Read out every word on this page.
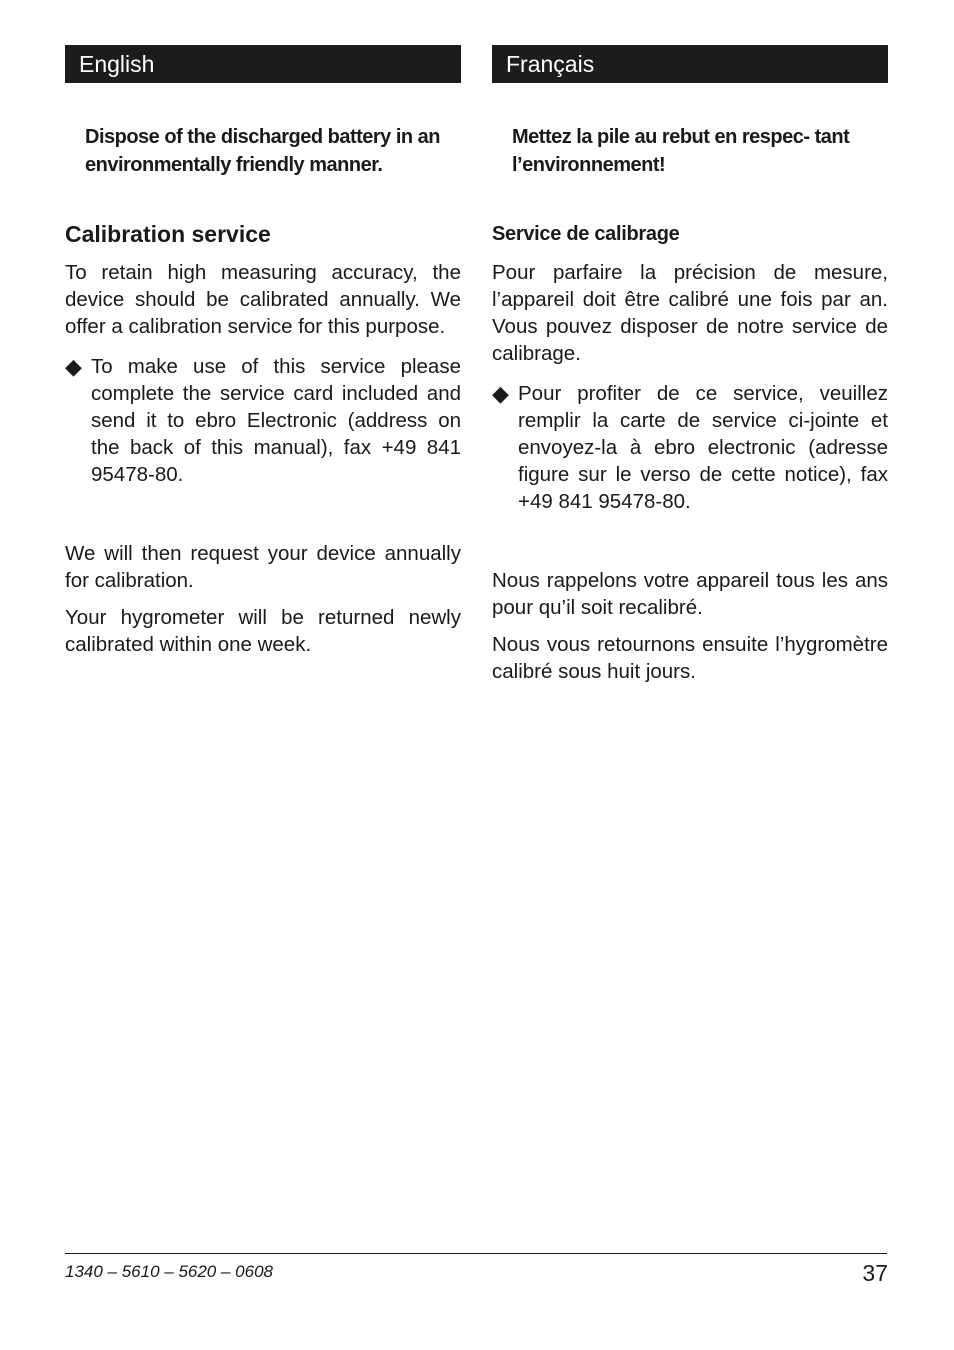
English
Dispose of the discharged battery in an environmentally friendly manner.
Calibration service
To retain high measuring accuracy, the device should be calibrated annually. We offer a calibration service for this purpose.
◆ To make use of this service please complete the service card included and send it to ebro Electronic (address on the back of this manual), fax +49 841 95478-80.
We will then request your device annually for calibration.
Your hygrometer will be returned newly calibrated within one week.
Français
Mettez la pile au rebut en respec- tant l’environnement!
Service de calibrage
Pour parfaire la précision de mesure, l’appareil doit être calibré une fois par an. Vous pouvez disposer de notre service de calibrage.
◆ Pour profiter de ce service, veuillez remplir la carte de service ci-jointe et envoyez-la à ebro electronic (adresse figure sur le verso de cette notice), fax +49 841 95478-80.
Nous rappelons votre appareil tous les ans pour qu’il soit recalibré.
Nous vous retournons ensuite l’hygromètre calibré sous huit jours.
1340 – 5610 – 5620 – 0608	37
